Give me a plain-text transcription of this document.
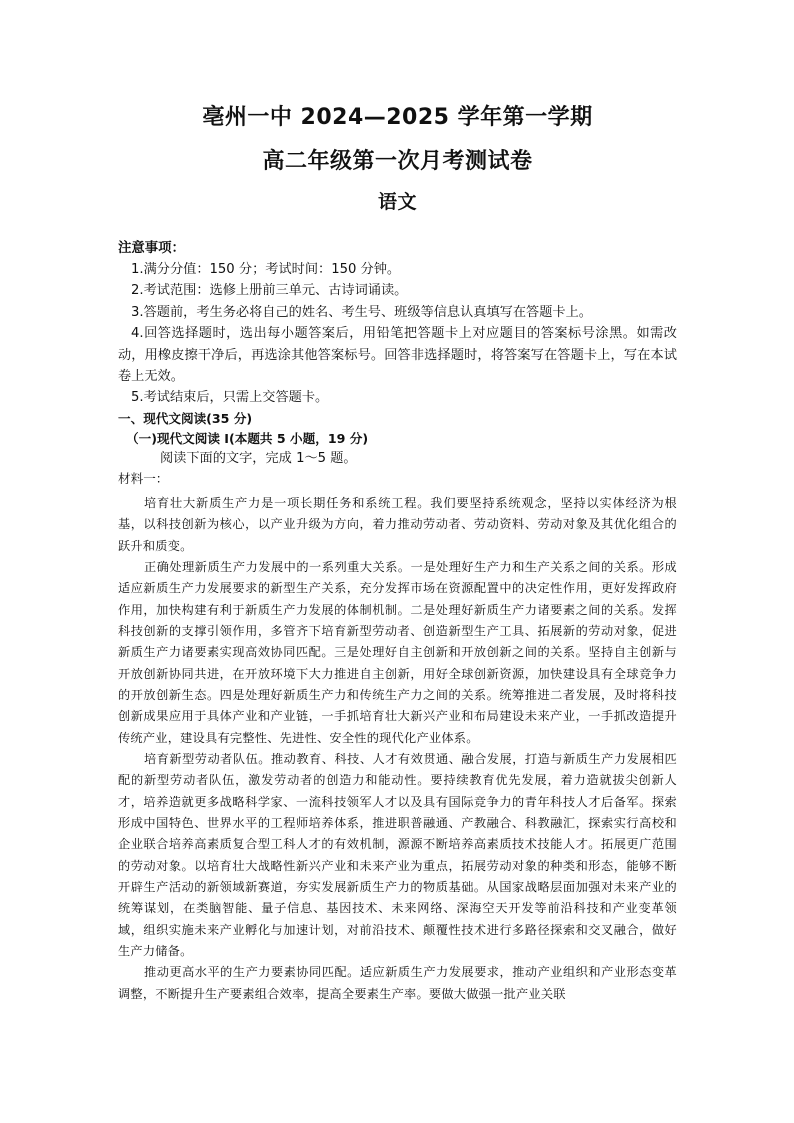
亳州一中 2024—2025 学年第一学期
高二年级第一次月考测试卷
语文
注意事项：
1.满分分值：150 分；考试时间：150 分钟。
2.考试范围：选修上册前三单元、古诗词诵读。
3.答题前，考生务必将自己的姓名、考生号、班级等信息认真填写在答题卡上。
4.回答选择题时，选出每小题答案后，用铅笔把答题卡上对应题目的答案标号涂黑。如需改动，用橡皮擦干净后，再选涂其他答案标号。回答非选择题时，将答案写在答题卡上，写在本试卷上无效。
5.考试结束后，只需上交答题卡。
一、现代文阅读(35 分)
（一)现代文阅读 I(本题共 5 小题，19 分)
阅读下面的文字，完成 1～5 题。
材料一：

培育壮大新质生产力是一项长期任务和系统工程。我们要坚持系统观念，坚持以实体经济为根基，以科技创新为核心，以产业升级为方向，着力推动劳动者、劳动资料、劳动对象及其优化组合的跃升和质变。

正确处理新质生产力发展中的一系列重大关系。一是处理好生产力和生产关系之间的关系。形成适应新质生产力发展要求的新型生产关系，充分发挥市场在资源配置中的决定性作用，更好发挥政府作用，加快构建有利于新质生产力发展的体制机制。二是处理好新质生产力诸要素之间的关系。发挥科技创新的支撑引领作用，多管齐下培育新型劳动者、创造新型生产工具、拓展新的劳动对象，促进新质生产力诸要素实现高效协同匹配。三是处理好自主创新和开放创新之间的关系。坚持自主创新与开放创新协同共进，在开放环境下大力推进自主创新，用好全球创新资源，加快建设具有全球竞争力的开放创新生态。四是处理好新质生产力和传统生产力之间的关系。统筹推进二者发展，及时将科技创新成果应用于具体产业和产业链，一手抓培育壮大新兴产业和布局建设未来产业，一手抓改造提升传统产业，建设具有完整性、先进性、安全性的现代化产业体系。

培育新型劳动者队伍。推动教育、科技、人才有效贯通、融合发展，打造与新质生产力发展相匹配的新型劳动者队伍，激发劳动者的创造力和能动性。要持续教育优先发展，着力造就拔尖创新人才，培养造就更多战略科学家、一流科技领军人才以及具有国际竞争力的青年科技人才后备军。探索形成中国特色、世界水平的工程师培养体系，推进职普融通、产教融合、科教融汇，探索实行高校和企业联合培养高素质复合型工科人才的有效机制，源源不断培养高素质技术技能人才。拓展更广范围的劳动对象。以培育壮大战略性新兴产业和未来产业为重点，拓展劳动对象的种类和形态，能够不断开辟生产活动的新领域新赛道，夯实发展新质生产力的物质基础。从国家战略层面加强对未来产业的统筹谋划，在类脑智能、量子信息、基因技术、未来网络、深海空天开发等前沿科技和产业变革领域，组织实施未来产业孵化与加速计划，对前沿技术、颠覆性技术进行多路径探索和交叉融合，做好生产力储备。

推动更高水平的生产力要素协同匹配。适应新质生产力发展要求，推动产业组织和产业形态变革调整，不断提升生产要素组合效率，提高全要素生产率。要做大做强一批产业关联
